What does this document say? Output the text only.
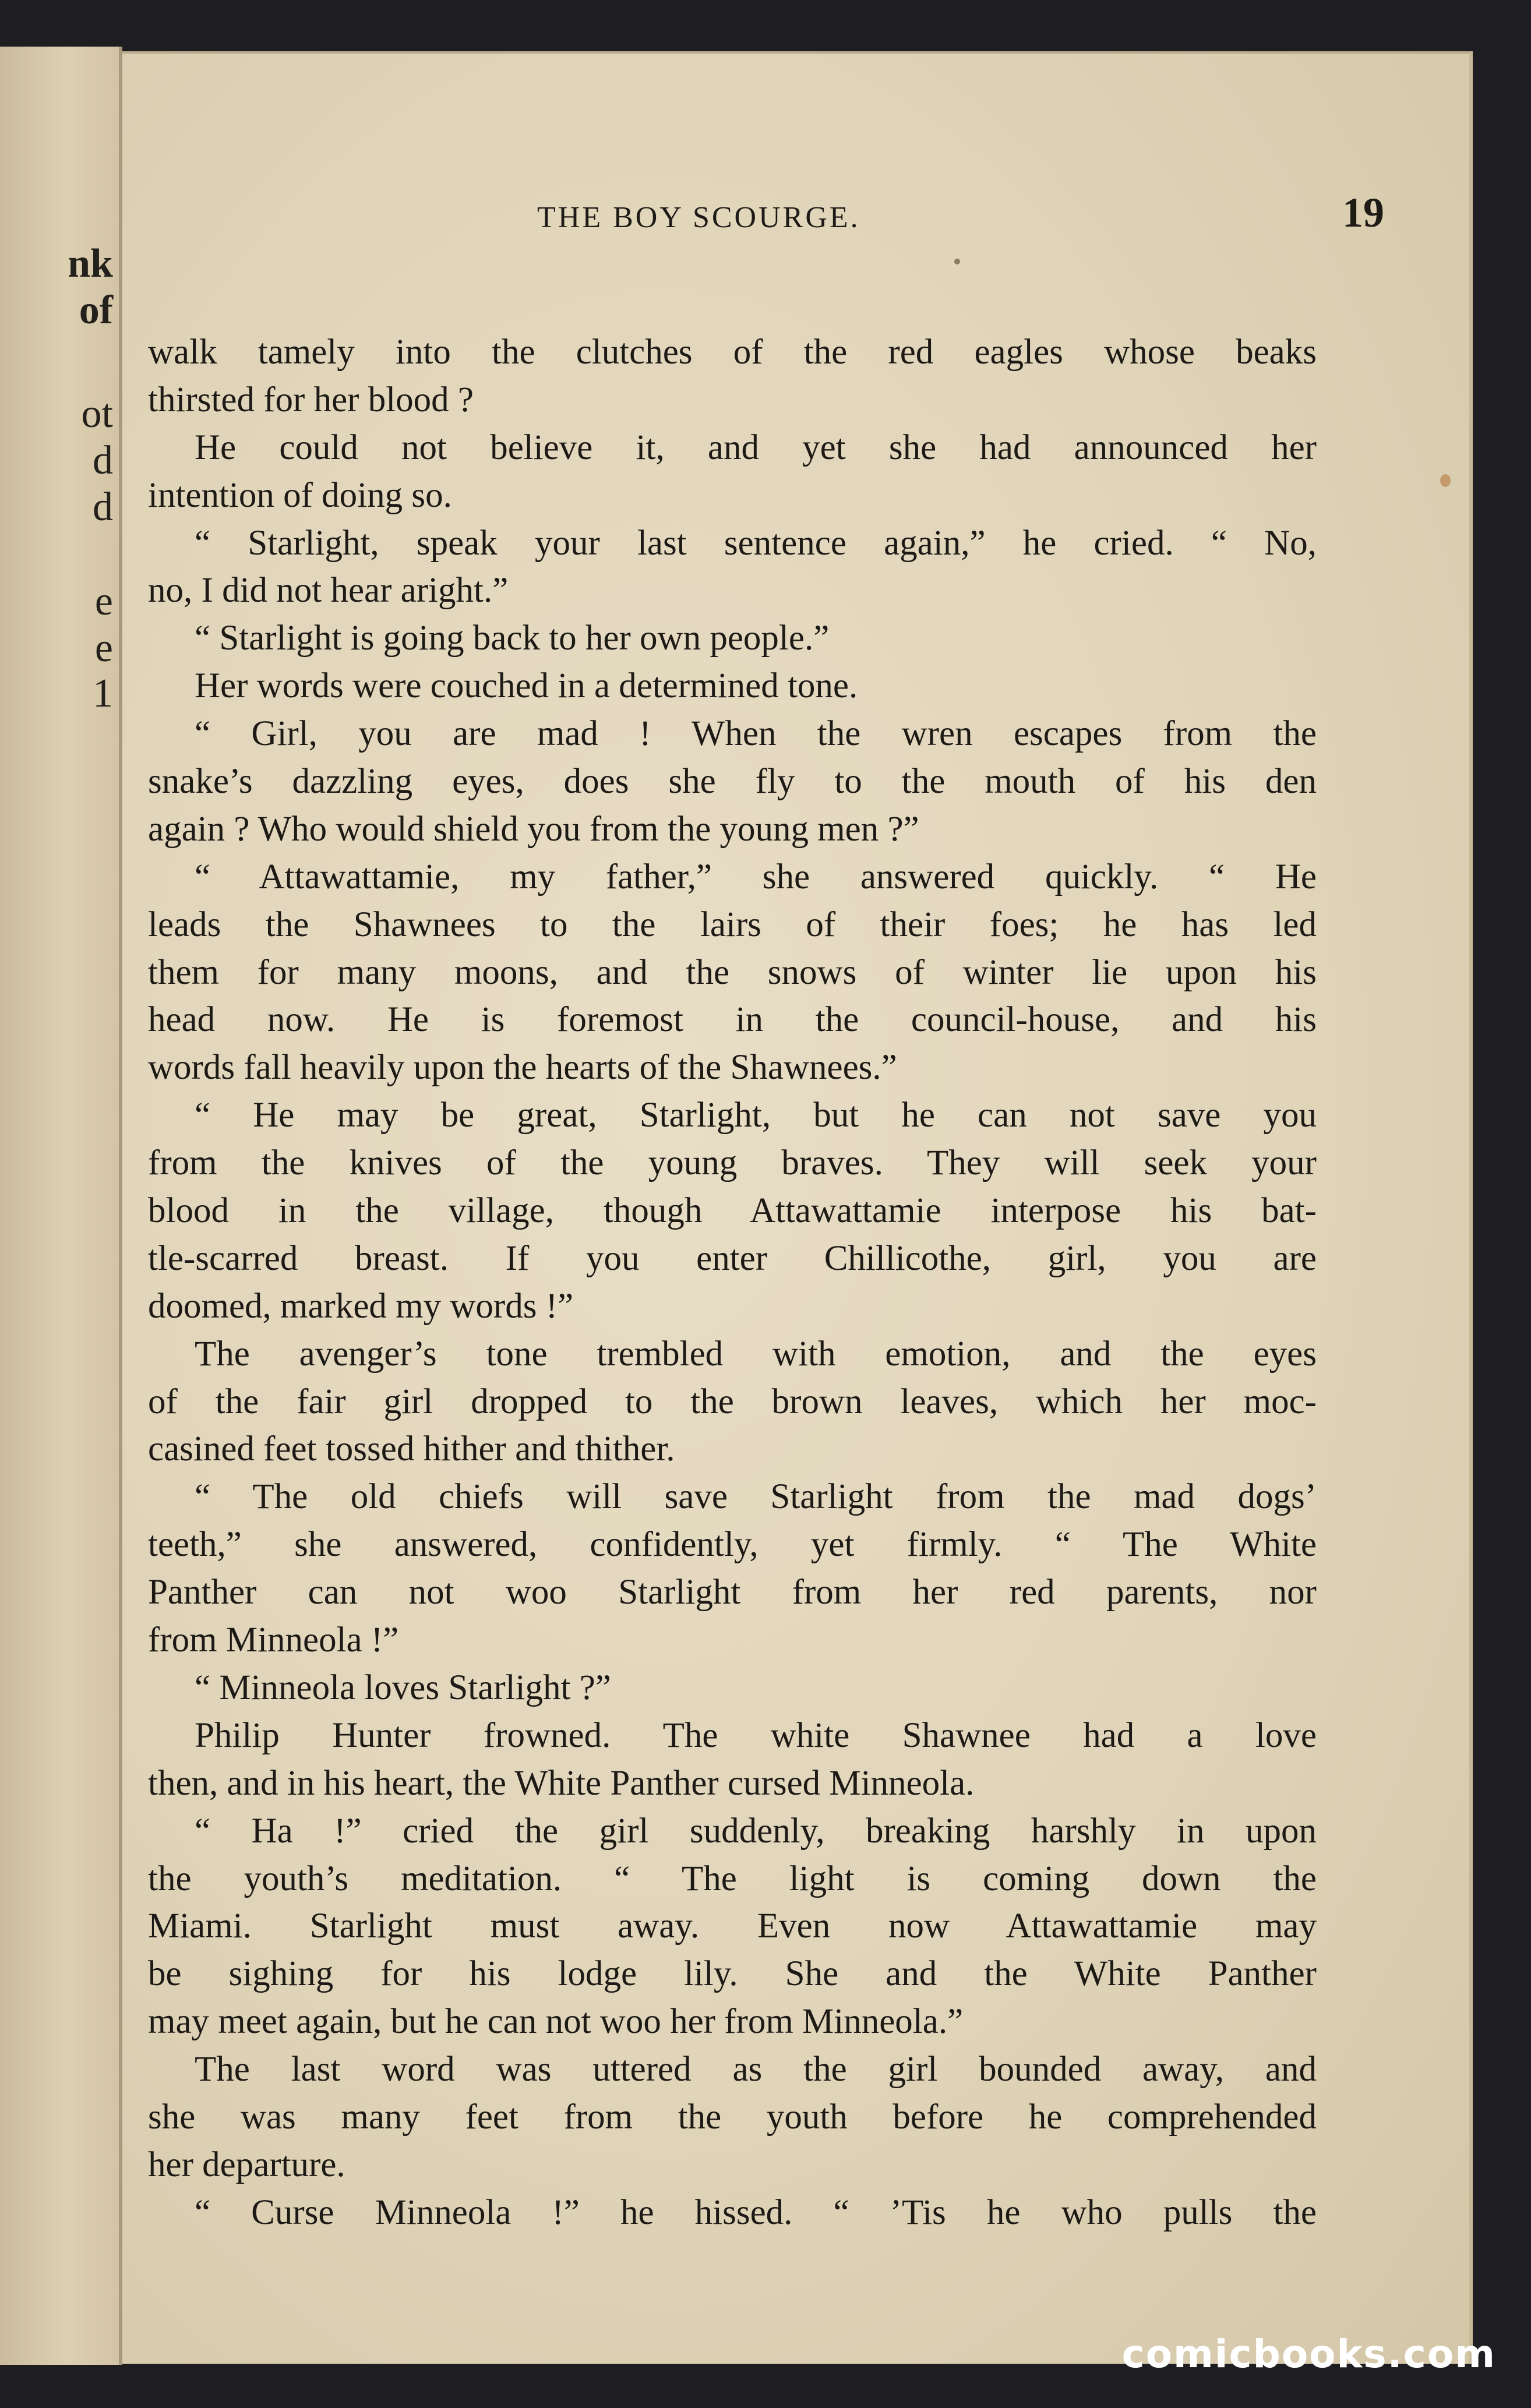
nk
of
ot
d
d
e
e
1
THE BOY SCOURGE.	19
walk tamely into the clutches of the red eagles whose beaks
thirsted for her blood ?
He could not believe it, and yet she had announced her
intention of doing so.
“ Starlight, speak your last sentence again,” he cried. “ No,
no, I did not hear aright.”
“ Starlight is going back to her own people.”
Her words were couched in a determined tone.
“ Girl, you are mad ! When the wren escapes from the
snake’s dazzling eyes, does she fly to the mouth of his den
again ? Who would shield you from the young men ?”
“ Attawattamie, my father,” she answered quickly. “ He
leads the Shawnees to the lairs of their foes; he has led
them for many moons, and the snows of winter lie upon his
head now. He is foremost in the council-house, and his
words fall heavily upon the hearts of the Shawnees.”
“ He may be great, Starlight, but he can not save you
from the knives of the young braves. They will seek your
blood in the village, though Attawattamie interpose his bat-
tle-scarred breast. If you enter Chillicothe, girl, you are
doomed, marked my words !”
The avenger’s tone trembled with emotion, and the eyes
of the fair girl dropped to the brown leaves, which her moc-
casined feet tossed hither and thither.
“ The old chiefs will save Starlight from the mad dogs’
teeth,” she answered, confidently, yet firmly. “ The White
Panther can not woo Starlight from her red parents, nor
from Minneola !”
“ Minneola loves Starlight ?”
Philip Hunter frowned. The white Shawnee had a love
then, and in his heart, the White Panther cursed Minneola.
“ Ha !” cried the girl suddenly, breaking harshly in upon
the youth’s meditation. “ The light is coming down the
Miami. Starlight must away. Even now Attawattamie may
be sighing for his lodge lily. She and the White Panther
may meet again, but he can not woo her from Minneola.”
The last word was uttered as the girl bounded away, and
she was many feet from the youth before he comprehended
her departure.
“ Curse Minneola !” he hissed. “ ’Tis he who pulls the
comicbooks.com
